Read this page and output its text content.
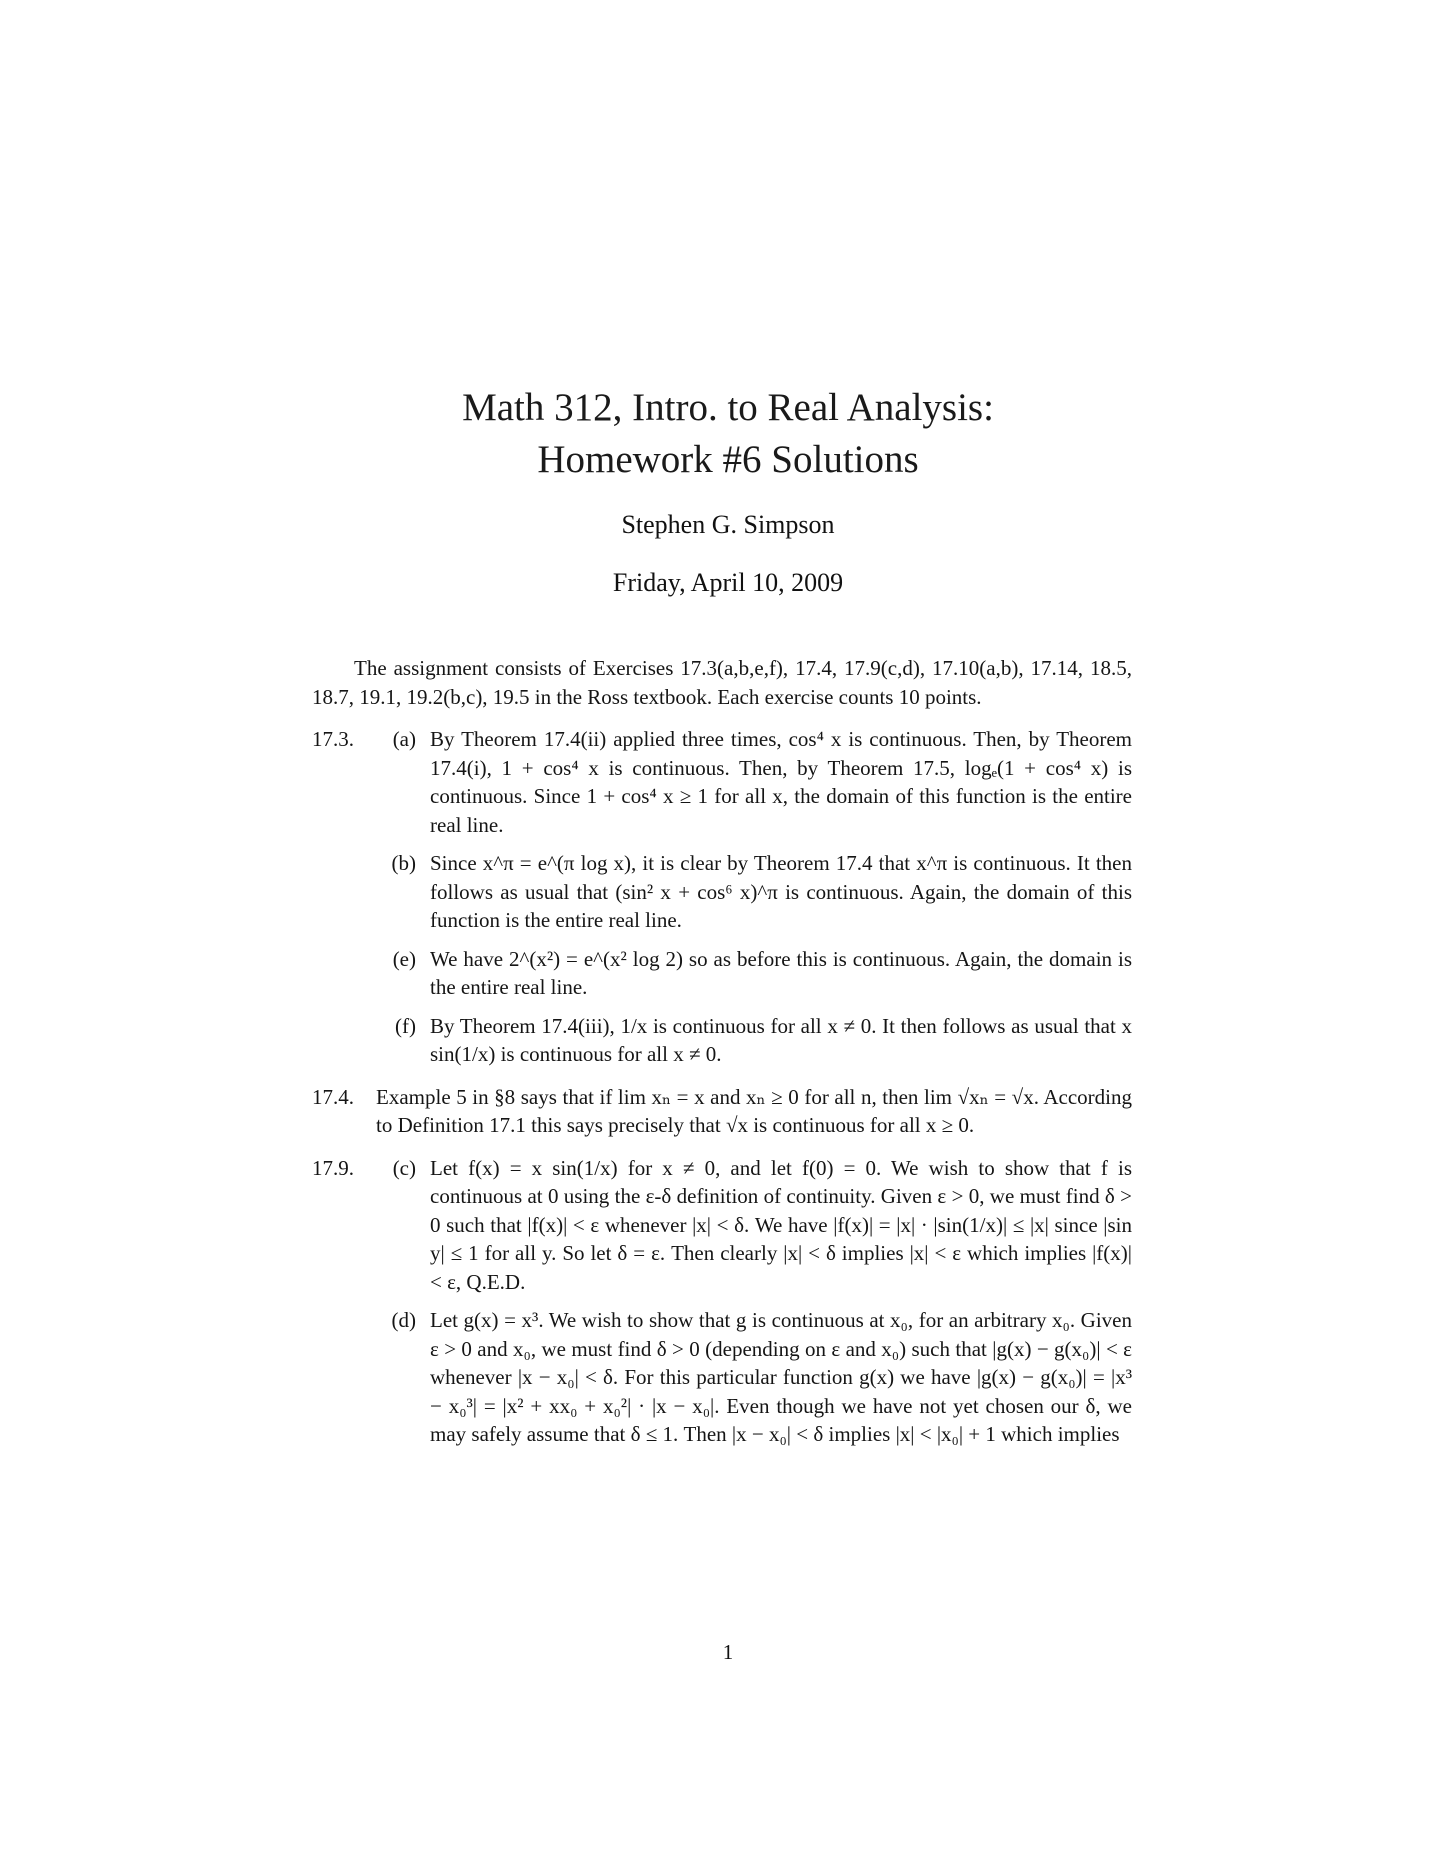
Math 312, Intro. to Real Analysis:
Homework #6 Solutions
Stephen G. Simpson
Friday, April 10, 2009

The assignment consists of Exercises 17.3(a,b,e,f), 17.4, 17.9(c,d), 17.10(a,b), 17.14, 18.5, 18.7, 19.1, 19.2(b,c), 19.5 in the Ross textbook. Each exercise counts 10 points.

17.3.	(a) By Theorem 17.4(ii) applied three times, cos⁴ x is continuous. Then, by Theorem 17.4(i), 1 + cos⁴ x is continuous. Then, by Theorem 17.5, logₑ(1 + cos⁴ x) is continuous. Since 1 + cos⁴ x ≥ 1 for all x, the domain of this function is the entire real line.
(b) Since x^π = e^(π log x), it is clear by Theorem 17.4 that x^π is continuous. It then follows as usual that (sin² x + cos⁶ x)^π is continuous. Again, the domain of this function is the entire real line.
(e) We have 2^(x²) = e^(x² log 2) so as before this is continuous. Again, the domain is the entire real line.
(f) By Theorem 17.4(iii), 1/x is continuous for all x ≠ 0. It then follows as usual that x sin(1/x) is continuous for all x ≠ 0.
17.4. Example 5 in §8 says that if lim xₙ = x and xₙ ≥ 0 for all n, then lim √xₙ = √x. According to Definition 17.1 this says precisely that √x is continuous for all x ≥ 0.
17.9.	(c) Let f(x) = x sin(1/x) for x ≠ 0, and let f(0) = 0. We wish to show that f is continuous at 0 using the ε-δ definition of continuity. Given ε > 0, we must find δ > 0 such that |f(x)| < ε whenever |x| < δ. We have |f(x)| = |x| · |sin(1/x)| ≤ |x| since |sin y| ≤ 1 for all y. So let δ = ε. Then clearly |x| < δ implies |x| < ε which implies |f(x)| < ε, Q.E.D.
(d) Let g(x) = x³. We wish to show that g is continuous at x₀, for an arbitrary x₀. Given ε > 0 and x₀, we must find δ > 0 (depending on ε and x₀) such that |g(x) − g(x₀)| < ε whenever |x − x₀| < δ. For this particular function g(x) we have |g(x) − g(x₀)| = |x³ − x₀³| = |x² + xx₀ + x₀²| · |x − x₀|. Even though we have not yet chosen our δ, we may safely assume that δ ≤ 1. Then |x − x₀| < δ implies |x| < |x₀| + 1 which implies
1
